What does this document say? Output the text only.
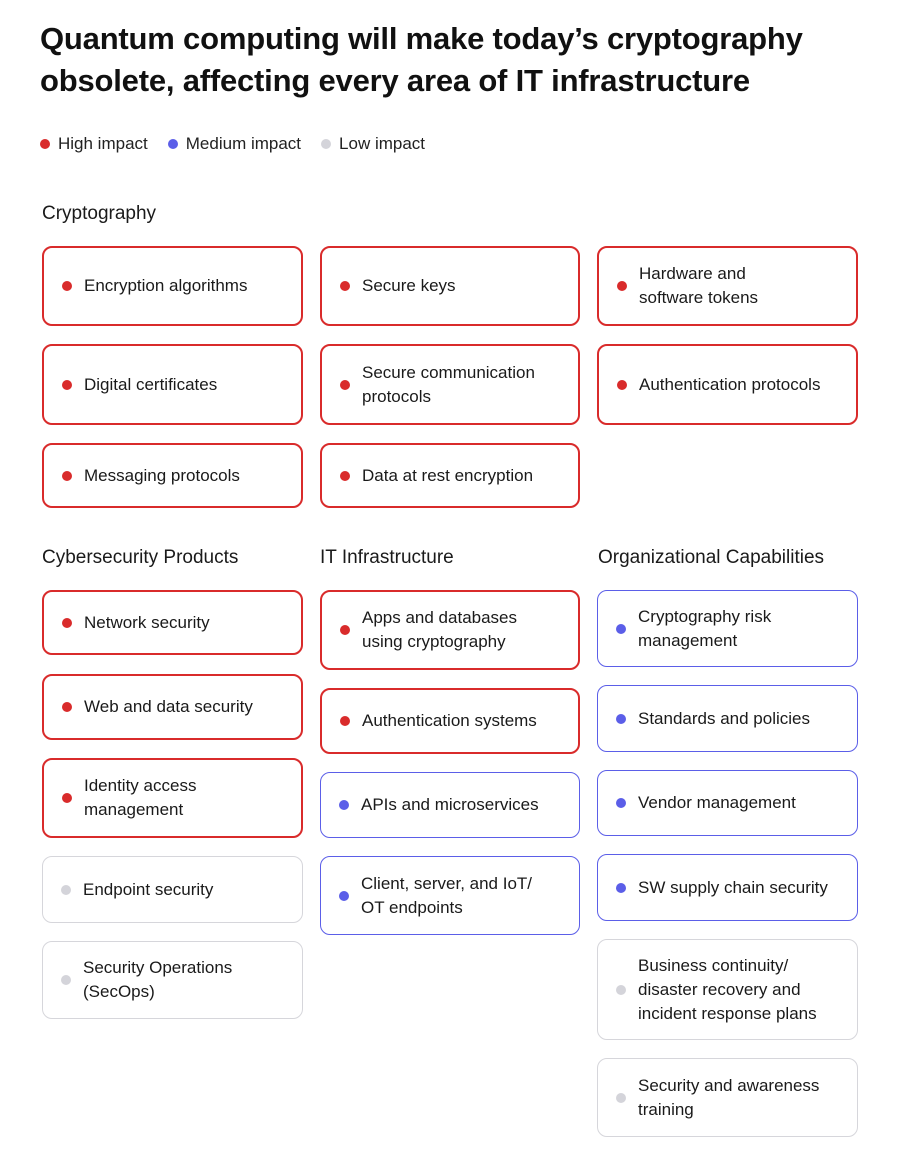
Quantum computing will make today’s cryptography
obsolete, affecting every area of IT infrastructure
High impact Medium impact Low impact
Cryptography
Cybersecurity Products	IT Infrastructure	Organizational Capabilities
Encryption algorithms	Secure keys
Hardware and
software tokens
Digital certificates
Secure communication
protocols
Authentication protocols
Messaging protocols	Data at rest encryption
Network security
Web and data security
Identity access
management
Endpoint security
Security Operations
(SecOps)
Apps and databases
using cryptography
Authentication systems
APIs and microservices
Client, server, and IoT/
OT endpoints
Cryptography risk
management
Standards and policies
Vendor management
SW supply chain security
Business continuity/
disaster recovery and
incident response plans
Security and awareness
training
